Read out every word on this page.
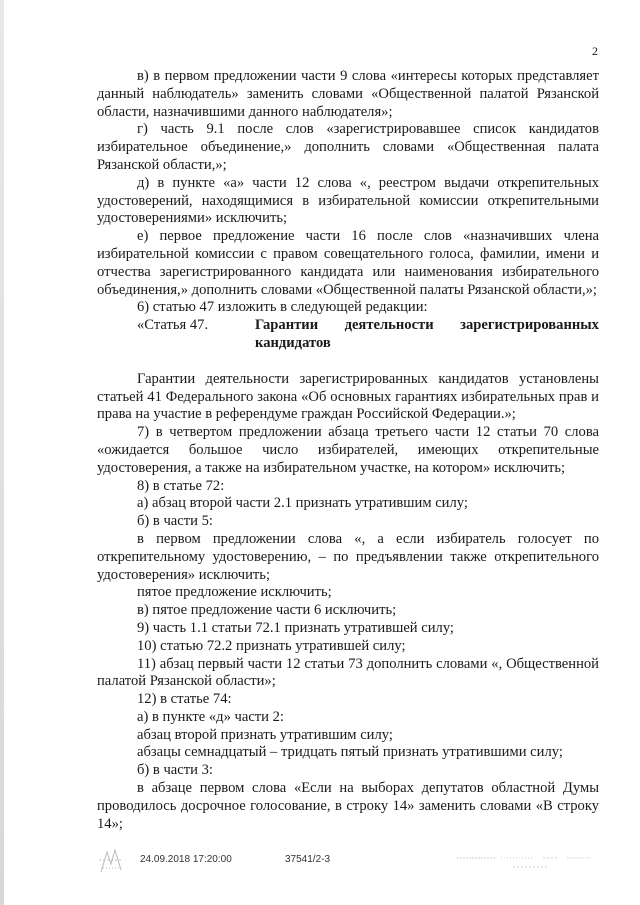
2

в) в первом предложении части 9 слова «интересы которых представляет данный наблюдатель» заменить словами «Общественной палатой Рязанской области, назначившими данного наблюдателя»;

г) часть 9.1 после слов «зарегистрировавшее список кандидатов избирательное объединение,» дополнить словами «Общественная палата Рязанской области,»;

д) в пункте «а» части 12 слова «, реестром выдачи открепительных удостоверений, находящимися в избирательной комиссии открепительными удостоверениями» исключить;

е) первое предложение части 16 после слов «назначивших члена избирательной комиссии с правом совещательного голоса, фамилии, имени и отчества зарегистрированного кандидата или наименования избирательного объединения,» дополнить словами «Общественной палаты Рязанской области,»;

6) статью 47 изложить в следующей редакции:

«Статья 47.	Гарантии деятельности зарегистрированных
кандидатов

Гарантии деятельности зарегистрированных кандидатов установлены статьей 41 Федерального закона «Об основных гарантиях избирательных прав и права на участие в референдуме граждан Российской Федерации.»;

7) в четвертом предложении абзаца третьего части 12 статьи 70 слова «ожидается большое число избирателей, имеющих открепительные удостоверения, а также на избирательном участке, на котором» исключить;

8) в статье 72:

а) абзац второй части 2.1 признать утратившим силу;

б) в части 5:

в первом предложении слова «, а если избиратель голосует по открепительному удостоверению, – по предъявлении также открепительного удостоверения» исключить;

пятое предложение исключить;

в) пятое предложение части 6 исключить;

9) часть 1.1 статьи 72.1 признать утратившей силу;

10) статью 72.2 признать утратившей силу;

11) абзац первый части 12 статьи 73 дополнить словами «, Общественной палатой Рязанской области»;

12) в статье 74:

а) в пункте «д» части 2:

абзац второй признать утратившим силу;

абзацы семнадцатый – тридцать пятый признать утратившими силу;

б) в части 3:

в абзаце первом слова «Если на выборах депутатов областной Думы проводилось досрочное голосование, в строку 14» заменить словами «В строку 14»;

24.09.2018 17:20:00	37541/2-3
